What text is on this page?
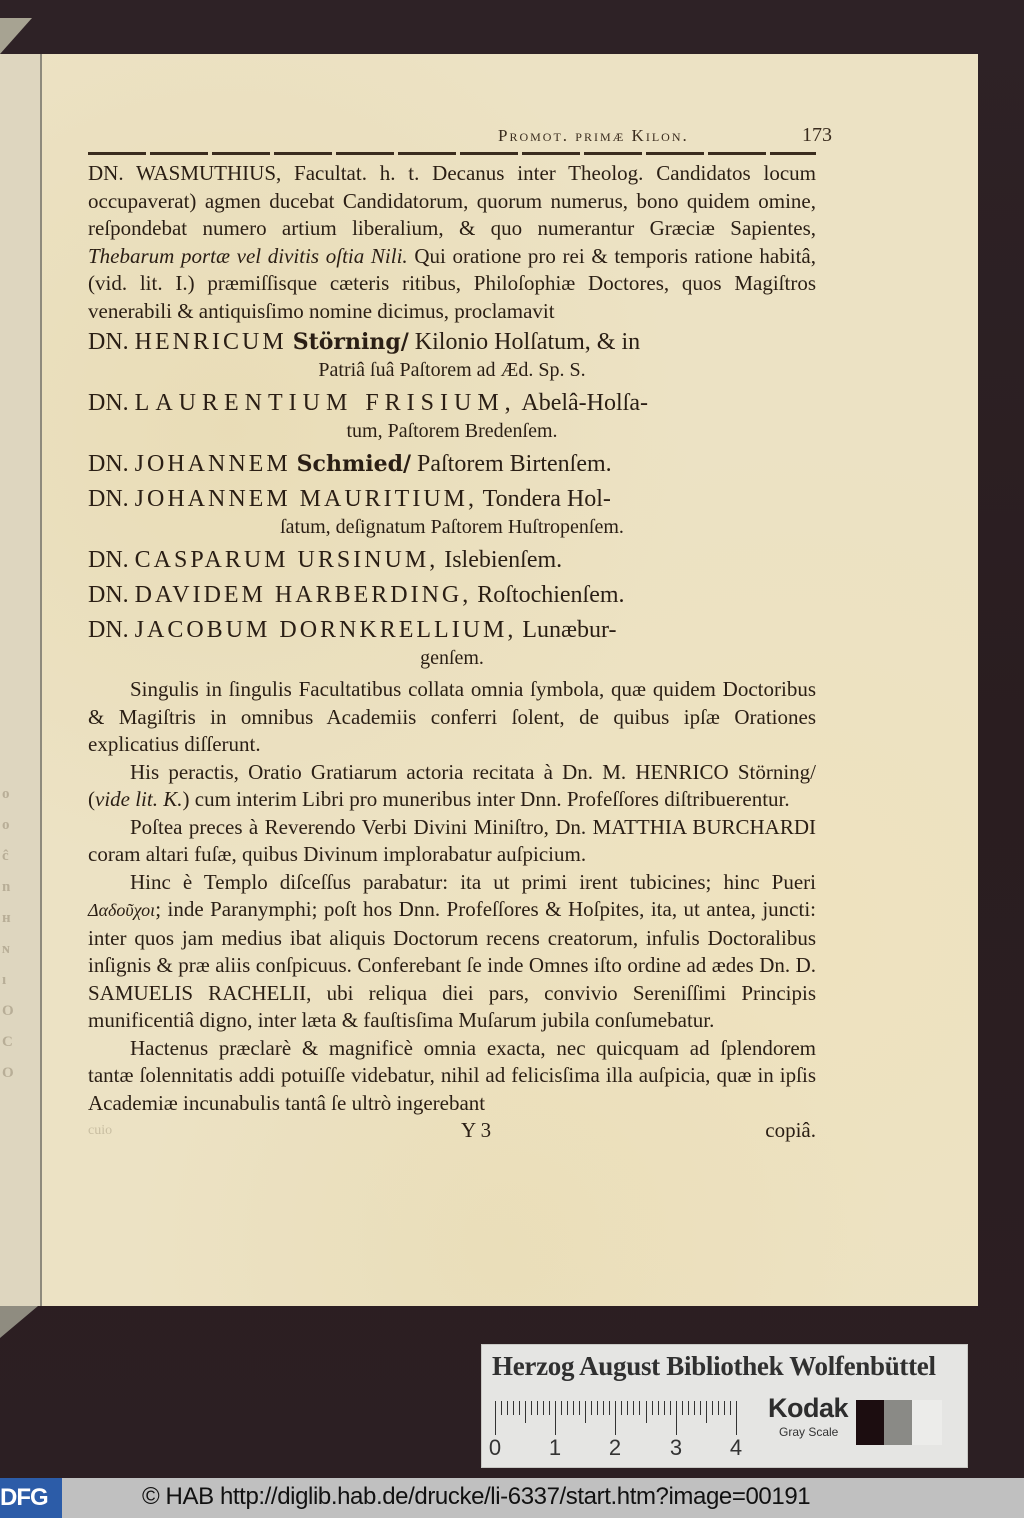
o
o
ĉ
n
ʜ
ɴ
ı
O
C
O
Promot. primæ Kilon.	173

DN. WASMUTHIUS, Facultat. h. t. Decanus inter Theolog. Candidatos locum occupaverat) agmen ducebat Candidatorum, quorum numerus, bono quidem omine, reſpondebat numero artium liberalium, & quo numerantur Græciæ Sapientes, Thebarum portæ vel divitis oſtia Nili. Qui oratione pro rei & temporis ratione habitâ, (vid. lit. I.) præmiſſisque cæteris ritibus, Philoſophiæ Doctores, quos Magiſtros venerabili & antiquisſimo nomine dicimus, proclamavit

DN. HENRICUM Störning/ Kilonio Holſatum, & in
Patriâ ſuâ Paſtorem ad Æd. Sp. S.
DN. LAURENTIUM FRISIUM, Abelâ-Holſa-
tum, Paſtorem Bredenſem.
DN. JOHANNEM Schmied/ Paſtorem Birtenſem.
DN. JOHANNEM MAURITIUM, Tondera Hol-
ſatum, deſignatum Paſtorem Huſtropenſem.
DN. CASPARUM URSINUM, Islebienſem.
DN. DAVIDEM HARBERDING, Roſtochienſem.
DN. JACOBUM DORNKRELLIUM, Lunæbur-
genſem.

Singulis in ſingulis Facultatibus collata omnia ſymbola, quæ quidem Doctoribus & Magiſtris in omnibus Academiis conferri ſolent, de quibus ipſæ Orationes explicatius diſſerunt.

His peractis, Oratio Gratiarum actoria recitata à Dn. M. HENRICO Störning/ (vide lit. K.) cum interim Libri pro muneribus inter Dnn. Profeſſores diſtribuerentur.

Poſtea preces à Reverendo Verbi Divini Miniſtro, Dn. MATTHIA BURCHARDI coram altari fuſæ, quibus Divinum implorabatur auſpicium.

Hinc è Templo diſceſſus parabatur: ita ut primi irent tubicines; hinc Pueri Δαδοῦχοι; inde Paranymphi; poſt hos Dnn. Profeſſores & Hoſpites, ita, ut antea, juncti: inter quos jam medius ibat aliquis Doctorum recens creatorum, infulis Doctoralibus inſignis & præ aliis conſpicuus. Conferebant ſe inde Omnes iſto ordine ad ædes Dn. D. SAMUELIS RACHELII, ubi reliqua diei pars, convivio Sereniſſimi Principis munificentiâ digno, inter læta & fauſtisſima Muſarum jubila conſumebatur.

Hactenus præclarè & magnificè omnia exacta, nec quicquam ad ſplendorem tantæ ſolennitatis addi potuiſſe videbatur, nihil ad felicisſima illa auſpicia, quæ in ipſis Academiæ incunabulis tantâ ſe ultrò ingerebant

cuio	Y 3	copiâ.
Herzog August Bibliothek Wolfenbüttel
0 1 2 3 4
Kodak
Gray Scale
DFG	© HAB http://diglib.hab.de/drucke/li-6337/start.htm?image=00191
